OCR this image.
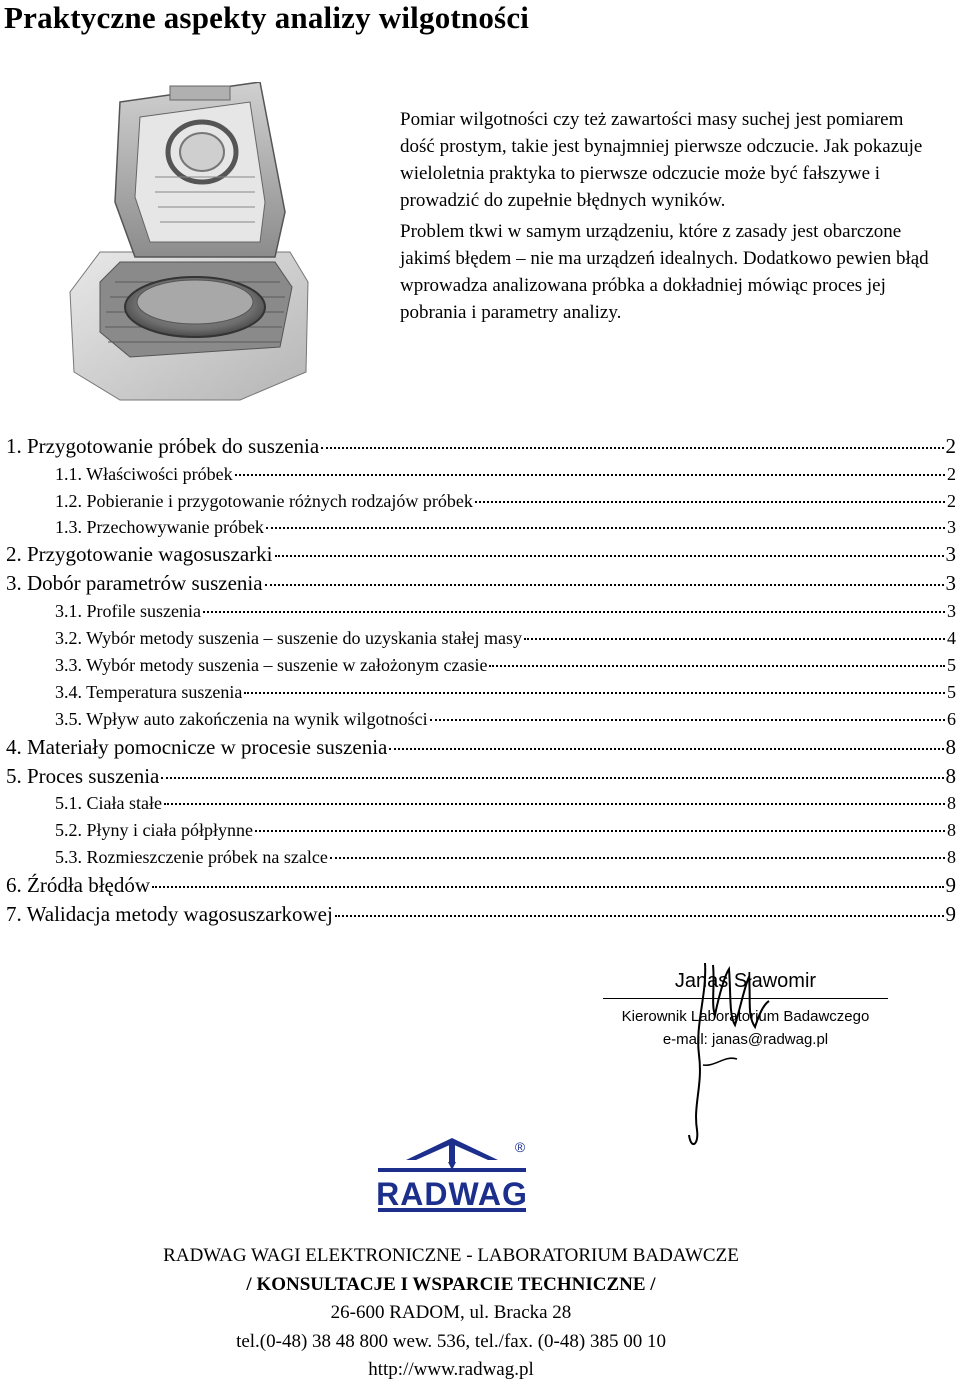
Praktyczne aspekty analizy wilgotności

Pomiar wilgotności czy też zawartości masy suchej jest pomiarem dość prostym, takie jest bynajmniej pierwsze odczucie. Jak pokazuje wieloletnia praktyka to pierwsze odczucie może być fałszywe i prowadzić do zupełnie błędnych wyników.

Problem tkwi w samym urządzeniu, które z zasady jest obarczone jakimś błędem – nie ma urządzeń idealnych. Dodatkowo pewien błąd wprowadza analizowana próbka a dokładniej mówiąc proces jej pobrania i parametry analizy.

1. Przygotowanie próbek do suszenia	2
1.1. Właściwości próbek	2
1.2. Pobieranie i przygotowanie różnych rodzajów próbek	2
1.3. Przechowywanie próbek	3
2. Przygotowanie wagosuszarki	3
3. Dobór parametrów suszenia	3
3.1. Profile suszenia	3
3.2. Wybór metody suszenia – suszenie do uzyskania stałej masy	4
3.3. Wybór metody suszenia – suszenie w założonym czasie	5
3.4. Temperatura suszenia	5
3.5. Wpływ auto zakończenia na wynik wilgotności	6
4. Materiały pomocnicze w procesie suszenia	8
5. Proces suszenia	8
5.1. Ciała stałe	8
5.2. Płyny i ciała półpłynne	8
5.3. Rozmieszczenie próbek na szalce	8
6. Źródła błędów	9
7. Walidacja metody wagosuszarkowej	9
Janas Sławomir
Kierownik Laboratorium Badawczego
e-mail: janas@radwag.pl
RADWAG
®
RADWAG WAGI ELEKTRONICZNE - LABORATORIUM BADAWCZE
/ KONSULTACJE I WSPARCIE TECHNICZNE /
26-600 RADOM, ul. Bracka 28
tel.(0-48) 38 48 800 wew. 536, tel./fax. (0-48) 385 00 10
http://www.radwag.pl
